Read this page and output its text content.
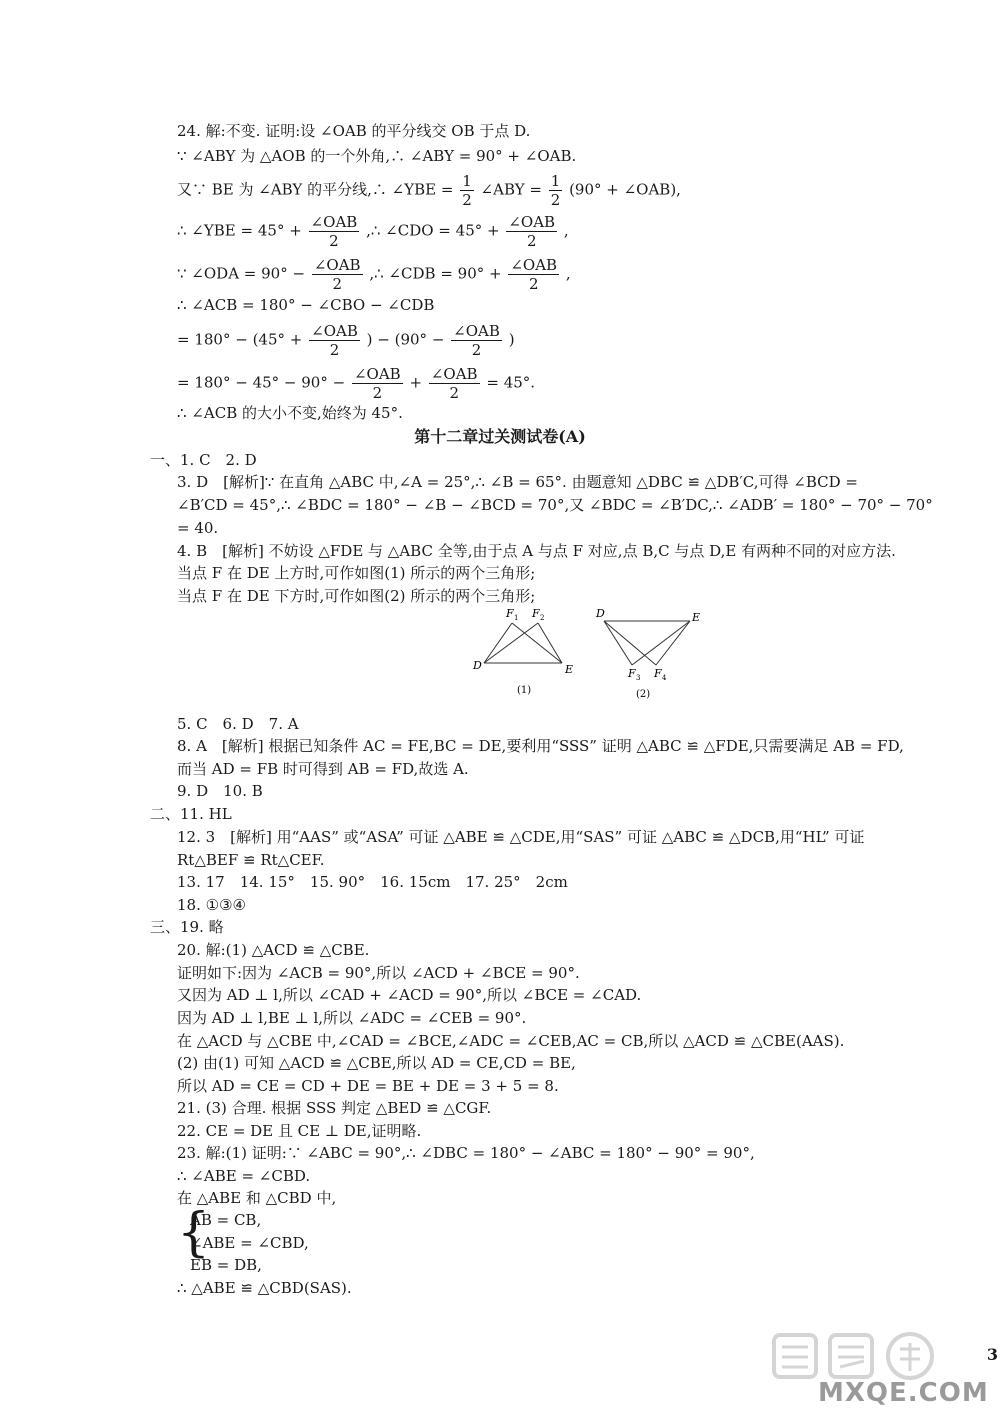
24. 解:不变. 证明:设 ∠OAB 的平分线交 OB 于点 D.
∵ ∠ABY 为 △AOB 的一个外角,∴ ∠ABY = 90° + ∠OAB.
又∵ BE 为 ∠ABY 的平分线,∴ ∠YBE = $\frac{1}{2}$ ∠ABY = $\frac{1}{2} (90^\circ$ + ∠OAB),
∴ ∠YBE = $45^\circ + \frac{\text{∠OAB}}{2}$ ,∴ ∠CDO = $45^\circ + \frac{\text{∠OAB}}{2}$ ,
∵ ∠ODA = $90^\circ - \frac{\text{∠OAB}}{2}$ ,∴ ∠CDB = $90^\circ + \frac{\text{∠OAB}}{2}$ ,
∴ ∠ACB = 180° − ∠CBO − ∠CDB
= $180^\circ - (45^\circ + \frac{\text{∠OAB}}{2}$ ) − ($90^\circ - \frac{\text{∠OAB}}{2}$ )
= $180^\circ - 45^\circ - 90^\circ - \frac{\text{∠OAB}}{2} + \frac{\text{∠OAB}}{2} = 45^\circ$.
∴ ∠ACB 的大小不变,始终为 45°.
第十二章过关测试卷(A)
一、1. C　2. D
3. D　[解析]∵ 在直角 △ABC 中,∠A = 25°,∴ ∠B = 65°. 由题意知 △DBC ≌ △DB′C,可得 ∠BCD =
∠B′CD = 45°,∴ ∠BDC = 180° − ∠B − ∠BCD = 70°,又 ∠BDC = ∠B′DC,∴ ∠ADB′ = 180° − 70° − 70°
= 40.
4. B　[解析] 不妨设 △FDE 与 △ABC 全等,由于点 A 与点 F 对应,点 B,C 与点 D,E 有两种不同的对应方法.
当点 F 在 DE 上方时,可作如图(1) 所示的两个三角形;
当点 F 在 DE 下方时,可作如图(2) 所示的两个三角形;
D	E
F 1 F 2
(1)
D	E
F 3 F 4
(2)
5. C　6. D　7. A
8. A　[解析] 根据已知条件 AC = FE,BC = DE,要利用“SSS” 证明 △ABC ≌ △FDE,只需要满足 AB = FD,
而当 AD = FB 时可得到 AB = FD,故选 A.
9. D　10. B
二、11. HL
12. 3　[解析] 用“AAS” 或“ASA” 可证 △ABE ≌ △CDE,用“SAS” 可证 △ABC ≌ △DCB,用“HL” 可证
Rt△BEF ≌ Rt△CEF.
13. 17　14. 15°　15. 90°　16. 15cm　17. 25°　2cm
18. ①③④
三、19. 略
20. 解:(1) △ACD ≌ △CBE.
证明如下:因为 ∠ACB = 90°,所以 ∠ACD + ∠BCE = 90°.
又因为 AD ⊥ l,所以 ∠CAD + ∠ACD = 90°,所以 ∠BCE = ∠CAD.
因为 AD ⊥ l,BE ⊥ l,所以 ∠ADC = ∠CEB = 90°.
在 △ACD 与 △CBE 中,∠CAD = ∠BCE,∠ADC = ∠CEB,AC = CB,所以 △ACD ≌ △CBE(AAS).
(2) 由(1) 可知 △ACD ≌ △CBE,所以 AD = CE,CD = BE,
所以 AD = CE = CD + DE = BE + DE = 3 + 5 = 8.
21. (3) 合理. 根据 SSS 判定 △BED ≌ △CGF.
22. CE = DE 且 CE ⊥ DE,证明略.
23. 解:(1) 证明:∵ ∠ABC = 90°,∴ ∠DBC = 180° − ∠ABC = 180° − 90° = 90°,
∴ ∠ABE = ∠CBD.
在 △ABE 和 △CBD 中,
{
AB = CB,
∠ABE = ∠CBD,
EB = DB,
∴ △ABE ≌ △CBD(SAS).
3
MXQE.COM
